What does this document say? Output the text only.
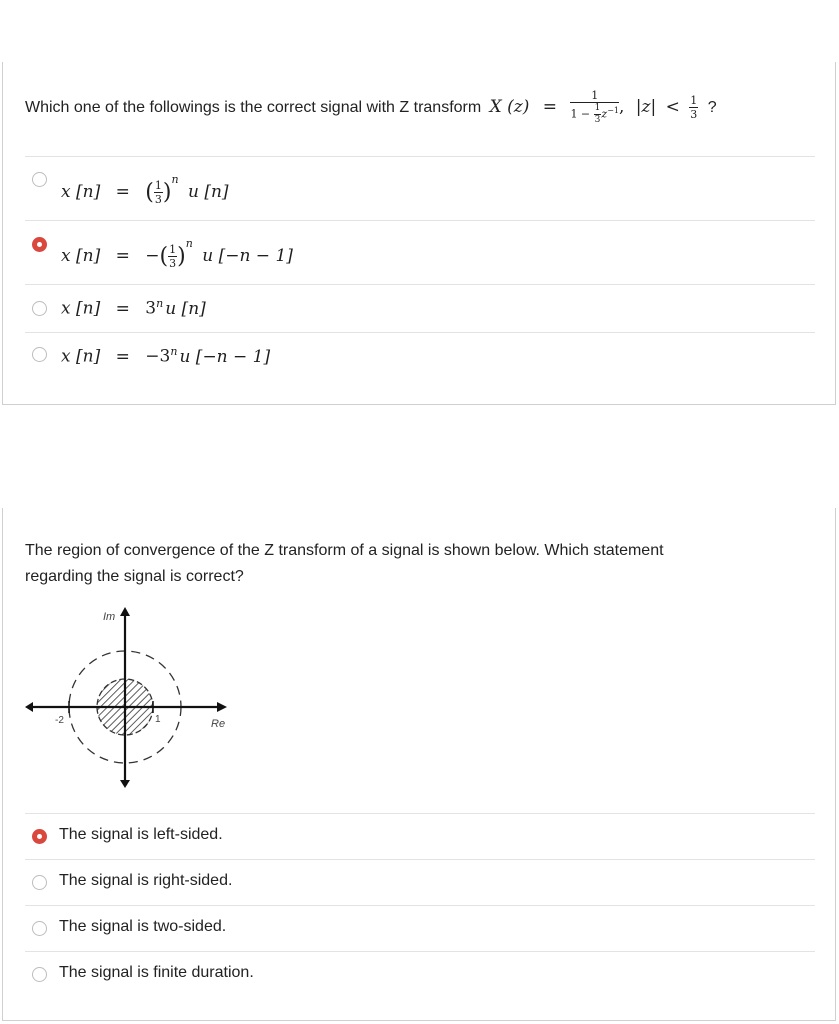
Which one of the followings is the correct signal with Z transform X $(z) = \frac{1}{1 - \frac{1}{3} z^{-1}}$ , $|z| < \frac{1}{3}$ ?
x [n] = ( $\frac{1}{3} )^n$ u [n]
x [n] = −( $\frac{1}{3} )^n$ u [−n − 1]
x $[n] = 3^n$ u [n]
x $[n] = -3^n$ u [−n − 1]
The region of convergence of the Z transform of a signal is shown below. Which statement
regarding the signal is correct?
Im
Re
-2	1
The signal is left-sided.
The signal is right-sided.
The signal is two-sided.
The signal is finite duration.
